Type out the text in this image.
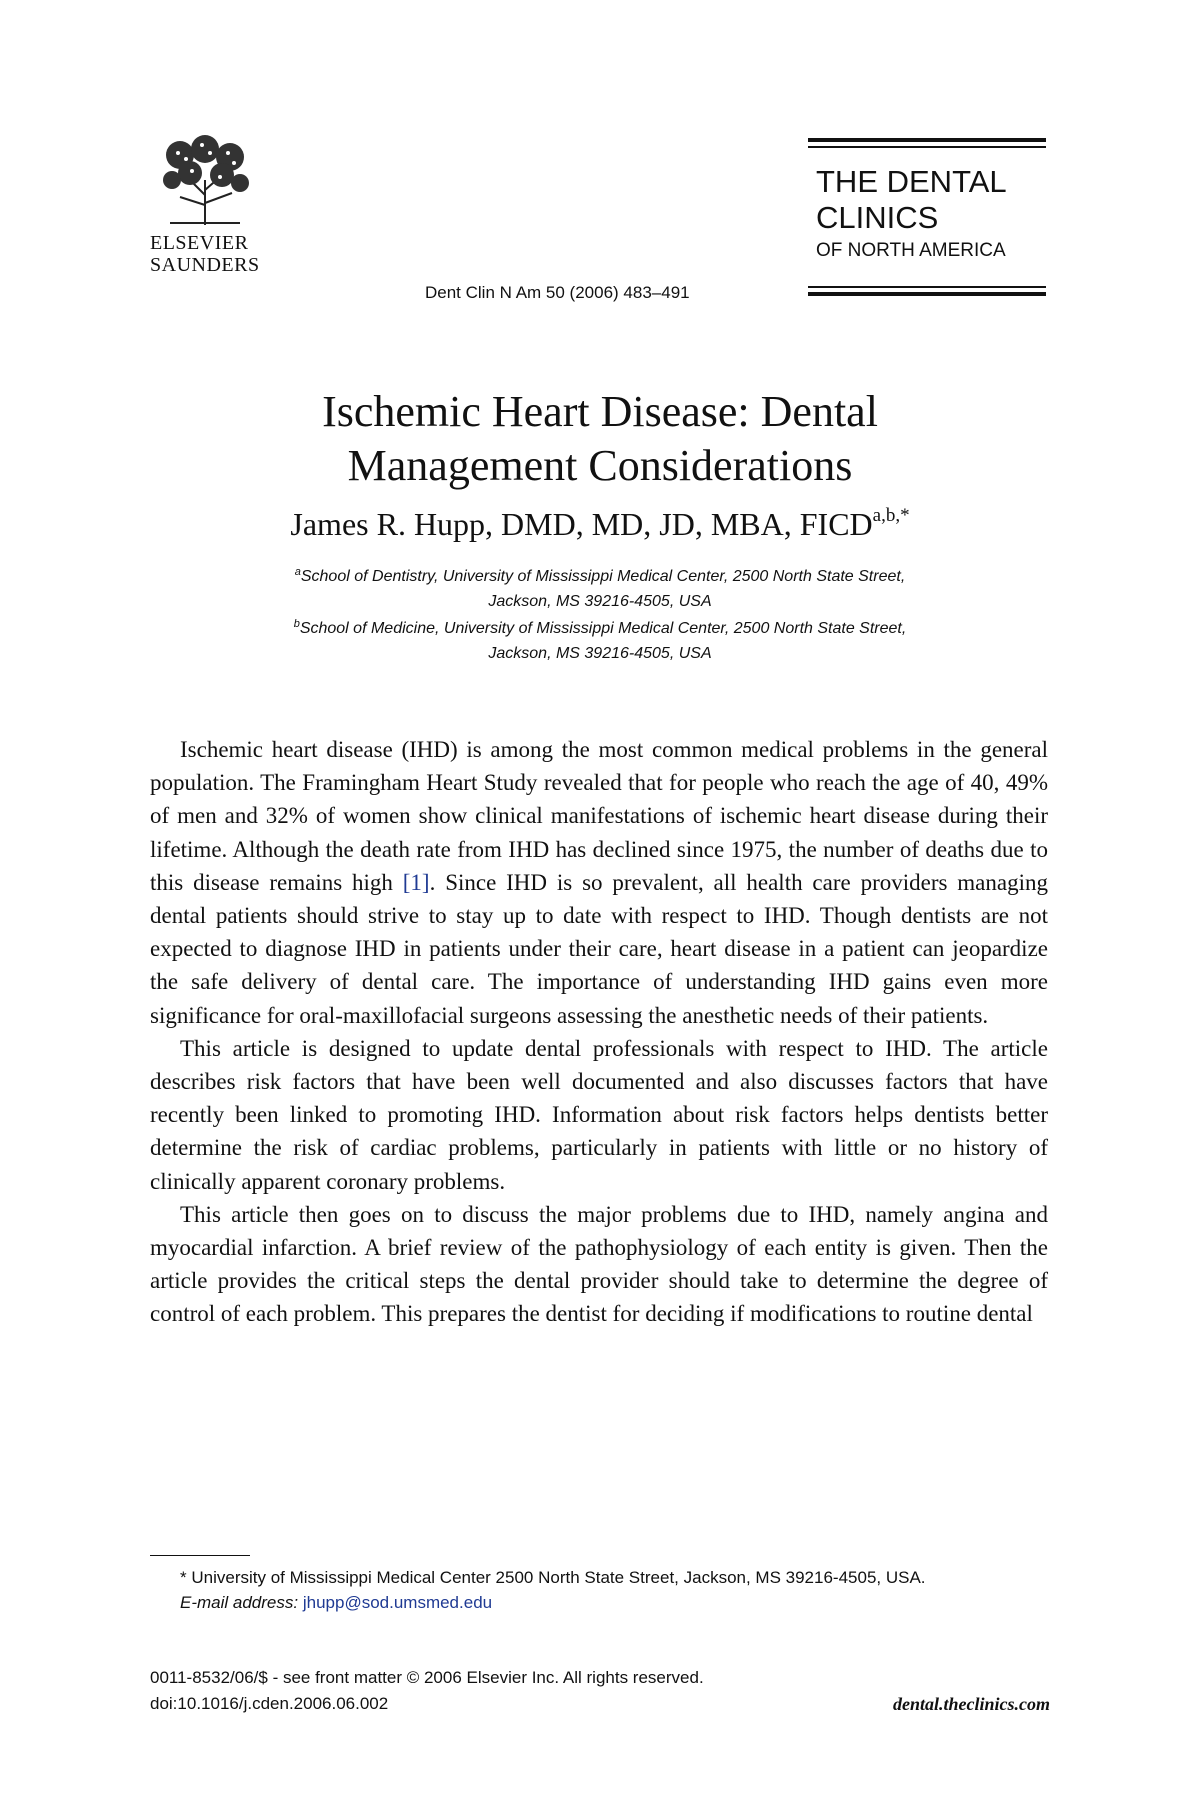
ELSEVIER
SAUNDERS
Dent Clin N Am 50 (2006) 483–491
THE DENTAL
CLINICS
OF NORTH AMERICA
Ischemic Heart Disease: Dental
Management Considerations
James R. Hupp, DMD, MD, JD, MBA, $FICD^{a,b,*}$
$^a$School of Dentistry, University of Mississippi Medical Center, 2500 North State Street,
Jackson, MS 39216-4505, USA
$^b$School of Medicine, University of Mississippi Medical Center, 2500 North State Street,
Jackson, MS 39216-4505, USA

Ischemic heart disease (IHD) is among the most common medical problems in the general population. The Framingham Heart Study revealed that for people who reach the age of 40, 49% of men and 32% of women show clinical manifestations of ischemic heart disease during their lifetime. Although the death rate from IHD has declined since 1975, the number of deaths due to this disease remains high [1]. Since IHD is so prevalent, all health care providers managing dental patients should strive to stay up to date with respect to IHD. Though dentists are not expected to diagnose IHD in patients under their care, heart disease in a patient can jeopardize the safe delivery of dental care. The importance of understanding IHD gains even more significance for oral-maxillofacial surgeons assessing the anesthetic needs of their patients.

This article is designed to update dental professionals with respect to IHD. The article describes risk factors that have been well documented and also discusses factors that have recently been linked to promoting IHD. Information about risk factors helps dentists better determine the risk of cardiac problems, particularly in patients with little or no history of clinically apparent coronary problems.

This article then goes on to discuss the major problems due to IHD, namely angina and myocardial infarction. A brief review of the pathophysiology of each entity is given. Then the article provides the critical steps the dental provider should take to determine the degree of control of each problem. This prepares the dentist for deciding if modifications to routine dental

* University of Mississippi Medical Center 2500 North State Street, Jackson, MS 39216-4505, USA.

E-mail address: jhupp@sod.umsmed.edu

0011-8532/06/$ - see front matter © 2006 Elsevier Inc. All rights reserved.
doi:10.1016/j.cden.2006.06.002	dental.theclinics.com
